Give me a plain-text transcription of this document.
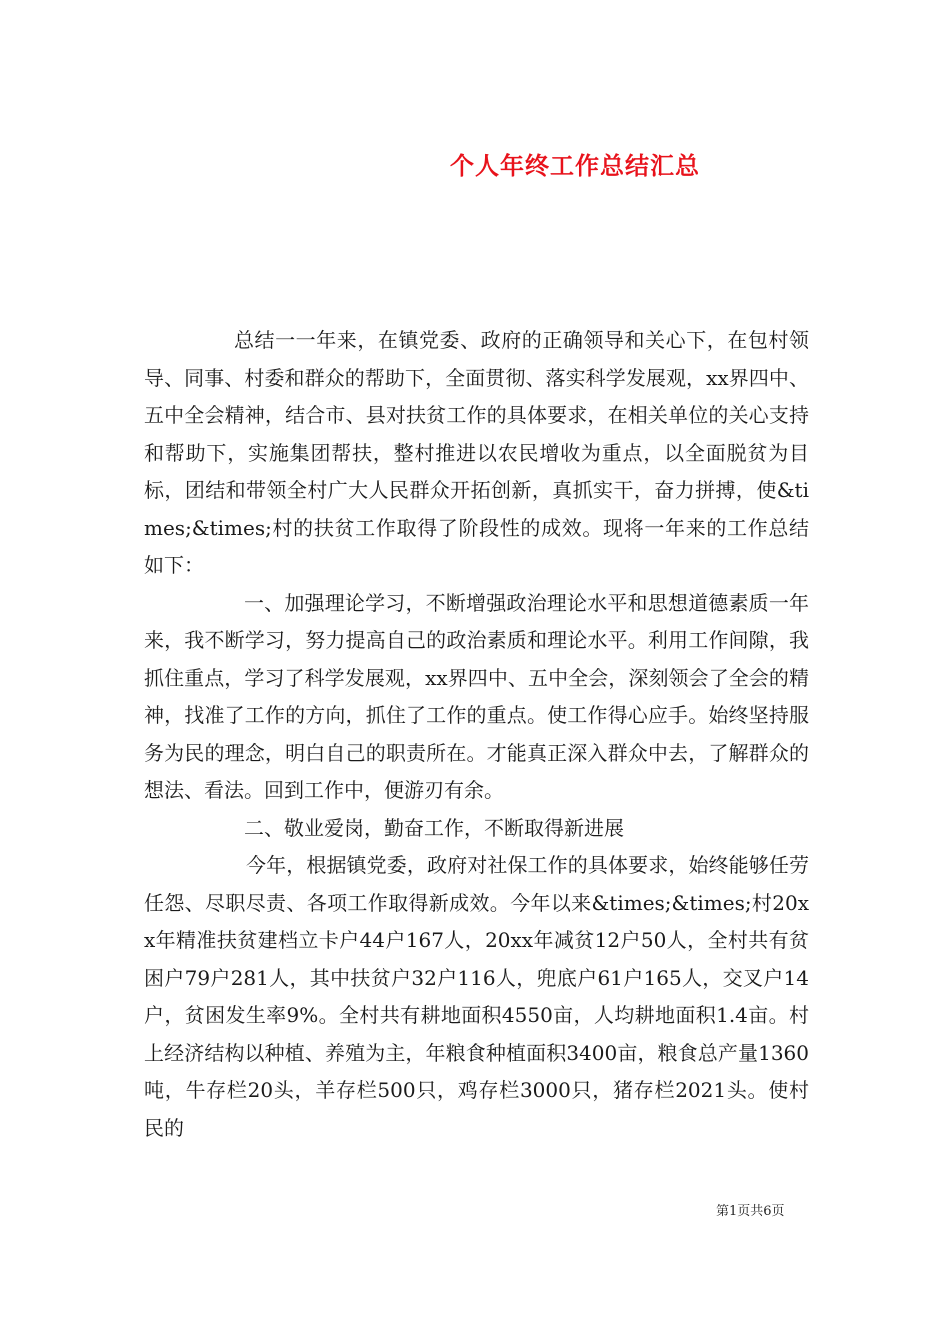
个人年终工作总结汇总

总结一一年来，在镇党委、政府的正确领导和关心下，在包村领导、同事、村委和群众的帮助下，全面贯彻、落实科学发展观，xx界四中、五中全会精神，结合市、县对扶贫工作的具体要求，在相关单位的关心支持和帮助下，实施集团帮扶，整村推进以农民增收为重点，以全面脱贫为目标，团结和带领全村广大人民群众开拓创新，真抓实干，奋力拼搏，使&times;&times;村的扶贫工作取得了阶段性的成效。现将一年来的工作总结如下：

一、加强理论学习，不断增强政治理论水平和思想道德素质一年来，我不断学习，努力提高自己的政治素质和理论水平。利用工作间隙，我抓住重点，学习了科学发展观，xx界四中、五中全会，深刻领会了全会的精神，找准了工作的方向，抓住了工作的重点。使工作得心应手。始终坚持服务为民的理念，明白自己的职责所在。才能真正深入群众中去，了解群众的想法、看法。回到工作中，便游刃有余。

二、敬业爱岗，勤奋工作，不断取得新进展

今年，根据镇党委，政府对社保工作的具体要求，始终能够任劳任怨、尽职尽责、各项工作取得新成效。今年以来&times;&times;村20xx年精准扶贫建档立卡户44户167人，20xx年减贫12户50人，全村共有贫困户79户281人，其中扶贫户32户116人，兜底户61户165人，交叉户14户，贫困发生率9%。全村共有耕地面积4550亩，人均耕地面积1.4亩。村上经济结构以种植、养殖为主，年粮食种植面积3400亩，粮食总产量1360吨，牛存栏20头，羊存栏500只，鸡存栏3000只，猪存栏2021头。使村民的

第1页共6页
